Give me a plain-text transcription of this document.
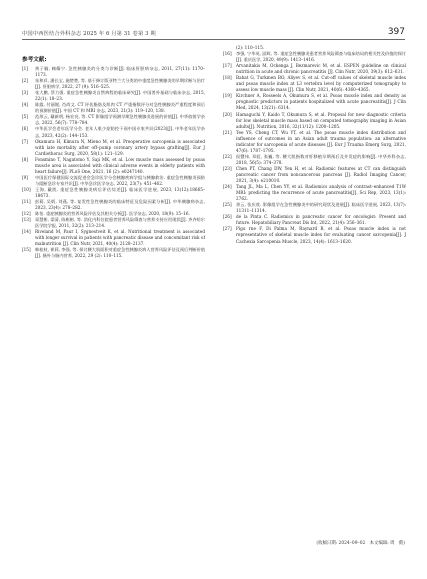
中国中西医结合外科杂志 2025 年 6 月第 31 卷第 3 期	397
参考文献:
[1]	黄子稿, 赖耀宁. 急性胰腺炎的分类与诊断[J]. 临床肝胆病杂志, 2011, 27(11): 1170–1173.
[2]	朱和祥, 潘长宝, 施楚楚, 等. 基于修订版亚特兰大分类的中重度急性胰腺炎的早期诊断与治疗[J]. 肝胆病学, 2022, 27 (9): 516–525.
[3]	张大鹏, 蔡力强. 重症急性胰腺炎自然病程的临床研究[J]. 中国普外基础与临床杂志, 2015, 22(1): 18–23.
[4]	陈露, 付丽媛, 肖尚文. CT 评估脂肪及肌肉 CT 严重指数评分对急性胰腺炎严重程度和预后的预测价值[J]. 中国 CT 和 MRI 杂志, 2023, 21(3): 119–120, 138.
[5]	范琼云, 戴新明, 杨宏亮, 等. CT 影像组学预测早期急性胰腺炎进展的价值[J]. 中华放射学杂志, 2022, 56(7): 778–784.
[6]	中华医学会老年医学分会. 老年人肌少症防控干预中国专家共识(2023)[J]. 中华老年医学杂志, 2023, 42(2): 144–153.
[7]	Okamura H, Kimura N, Mieno M, et al. Preoperative sarcopenia is associated with late mortality after off–pump coronary artery bypass grafting[J]. Eur J Cardiothorac Surg, 2020, 58(1): 121–129.
[8]	Fonsmino T, Nagatomo Y, Saji MK, et al. Low muscle mass assessed by psoas muscle area is associated with clinical adverse events in elderly patients with heart failure[J]. PLoS One, 2021, 16 (2): e0247140.
[9]	中国医疗保健国际交流促进会急诊医学分会胰腺疾病学组与胰腺救治. 重症急性胰腺炎预防与阻断急诊专家共识[J]. 中华急诊医学杂志, 2022, 23(7): 451–462.
[10]	王海, 戴凯. 重症急性胰腺炎病后评估综述[J]. 临床医学进展, 2023, 13(12):18665–18673.
[11]	彭莉, 吴炳, 刘燕, 等. 复发性急性胰腺炎的临床特征及危险因素分析[J]. 中华胰腺病杂志, 2023, 23(4): 278–282.
[12]	陈怡. 重症胰腺炎的营养风险评估及其相关分析[J]. 医学杂志, 2020, 18(9): 15–16.
[13]	章慧彬, 梁清, 陈彬彬, 等. 消化内科住院患者营养风险筛查与营养支持应用现状[J]. 齐齐哈尔医学院学报, 2011, 32(2): 213–214.
[14]	Riveland M, Paur I, Sygnestveit K, et al. Nutritional treatment is associated with longer survival in patients with pancreatic disease and concomitant risk of malnutrition [J]. Clin Nutr, 2021, 40(4): 2128–2137.
[15]	韩桂枝, 崔莉, 李强, 等. 探讨腰大肌面积对重症急性胰腺炎病人营养风险评估及预后判断价值[J]. 肠外与肠内营养, 2022, 29 (2): 110–115.
(2): 110–115.
[16]	李强, 宁华英, 邱辉, 等. 重症急性胰腺炎患者营养风险筛查与临床结局的相关性及价值的探讨 [J]. 重庆医学, 2020, 49(9): 1413–1416.
[17]	Arvanitakis M, Ockenga J, Bezmarevic M, et al. ESPEN guideline on clinical nutrition in acute and chronic pancreatitis [J]. Clin Nutr, 2020, 39(3): 612–631.
[18]	Bahat G, Turkmen BO, Aliyev S, et al. Cut-off values of skeletal muscle index and psoas muscle index at L3 vertebra level by computerized tomography to assess low muscle mass [J]. Clin Nutr, 2021, 40(6): 4360–4365.
[19]	Kirchner A, Rosseels A, Okumura S, et al. Psoas muscle index and density as prognostic predictors in patients hospitalized with acute pancreatitis[J]. J Clin Med, 2024, 13(21): 6314.
[20]	Hamaguchi Y, Kaido T, Okumura S, et al. Proposal for new diagnostic criteria for low skeletal muscle mass based on computed tomography imaging in Asian adults[J]. Nutrition, 2016, 32(11/12): 1200–1205.
[21]	Tee YS, Cheng CT, Wu YT, et al. The psoas muscle index distribution and influence of outcomes in an Asian adult trauma population: an alternative indicator for sarcopenia of acute diseases [J]. Eur J Trauma Emerg Surg, 2021, 47(6): 1787–1795.
[22]	侯豐伟, 邓虹, 张巍, 等. 腰大肌指数对肝移植早期预后及并发症的影响[J]. 中华外科杂志, 2018, 56(5): 374–378.
[23]	Chen PT, Chang DW, Yen H, et al. Radiomic features at CT can distinguish pancreatic cancer from noncancerous pancreas [J]. Radiol Imaging Cancer, 2021, 3(4): e210010.
[24]	Tang JL, Ma L, Chen YY, et al. Radiomics analysis of contrast–enhanced T1W MRI: predicting the recurrence of acute pancreatitis[J]. Sci Rep, 2023, 13(1): 2762.
[25]	余云, 张庆欣. 影像组学在急性胰腺炎中的研究现状及进展[J]. 临床医学进展, 2023, 13(7): 11311–11314.
[26]	de la Pinta C. Radiomics in pancreatic cancer for oncologist: Present and future. Hepatobiliary Pancreat Dis Int, 2022, 21(4): 356–361.
[27]	Pigu rne F, Di Palma M, Raynard B, et al. Psoas muscle index is not representative of skeletal muscle index for evaluating cancer sarcopenia[J]. J Cachexia Sarcopenia Muscle, 2023, 14(4): 1613–1620.
(收稿日期: 2024–09–02　本文编辑: 周　鹤)
